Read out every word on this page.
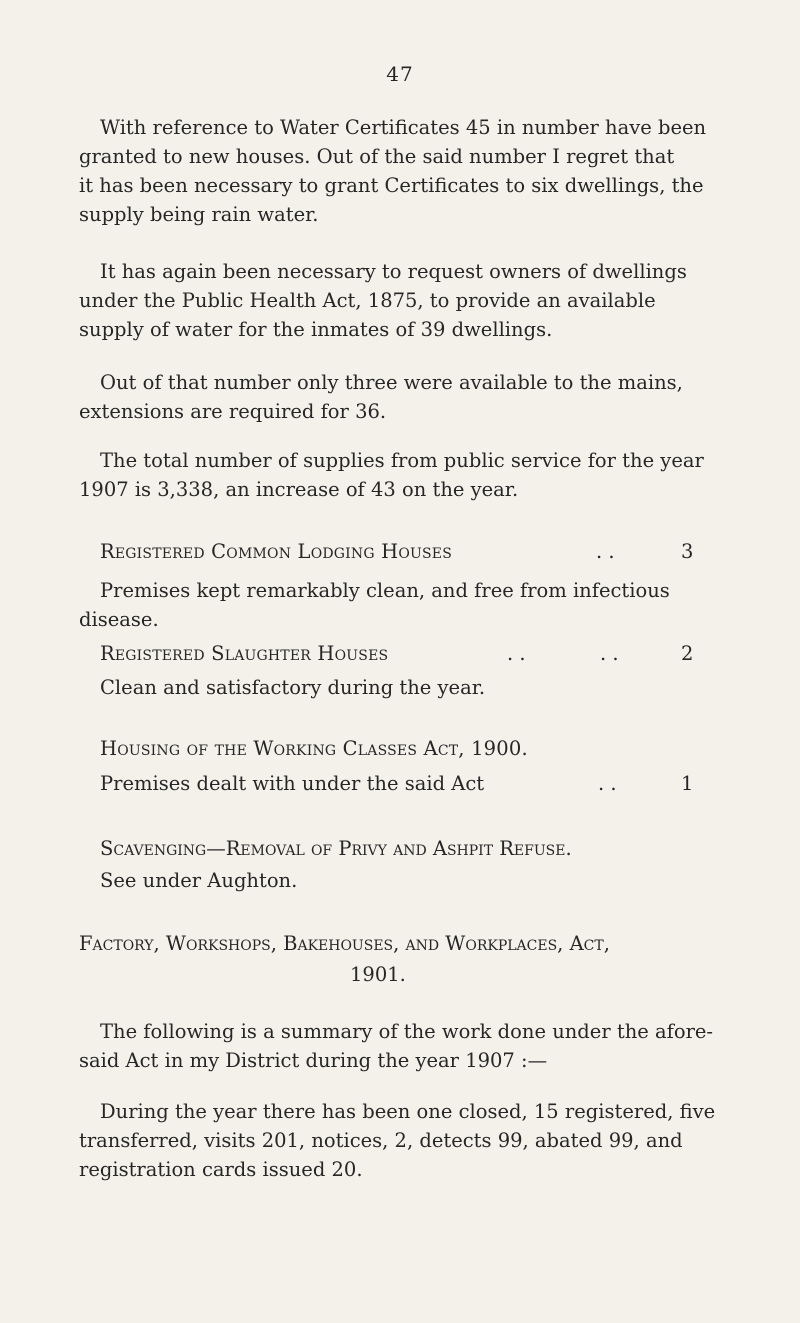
47
With reference to Water Certificates 45 in number have been
granted to new houses. Out of the said number I regret that
it has been necessary to grant Certificates to six dwellings, the
supply being rain water.
It has again been necessary to request owners of dwellings
under the Public Health Act, 1875, to provide an available
supply of water for the inmates of 39 dwellings.
Out of that number only three were available to the mains,
extensions are required for 36.
The total number of supplies from public service for the year
1907 is 3,338, an increase of 43 on the year.
Registered Common Lodging Houses	. .	3
Premises kept remarkably clean, and free from infectious
disease.
Registered Slaughter Houses	. .	. .	2
Clean and satisfactory during the year.
Housing of the Working Classes Act, 1900.
Premises dealt with under the said Act	. .	1
Scavenging—Removal of Privy and Ashpit Refuse.
See under Aughton.
Factory, Workshops, Bakehouses, and Workplaces, Act,
1901.
The following is a summary of the work done under the afore-
said Act in my District during the year 1907 :—
During the year there has been one closed, 15 registered, five
transferred, visits 201, notices, 2, detects 99, abated 99, and
registration cards issued 20.
